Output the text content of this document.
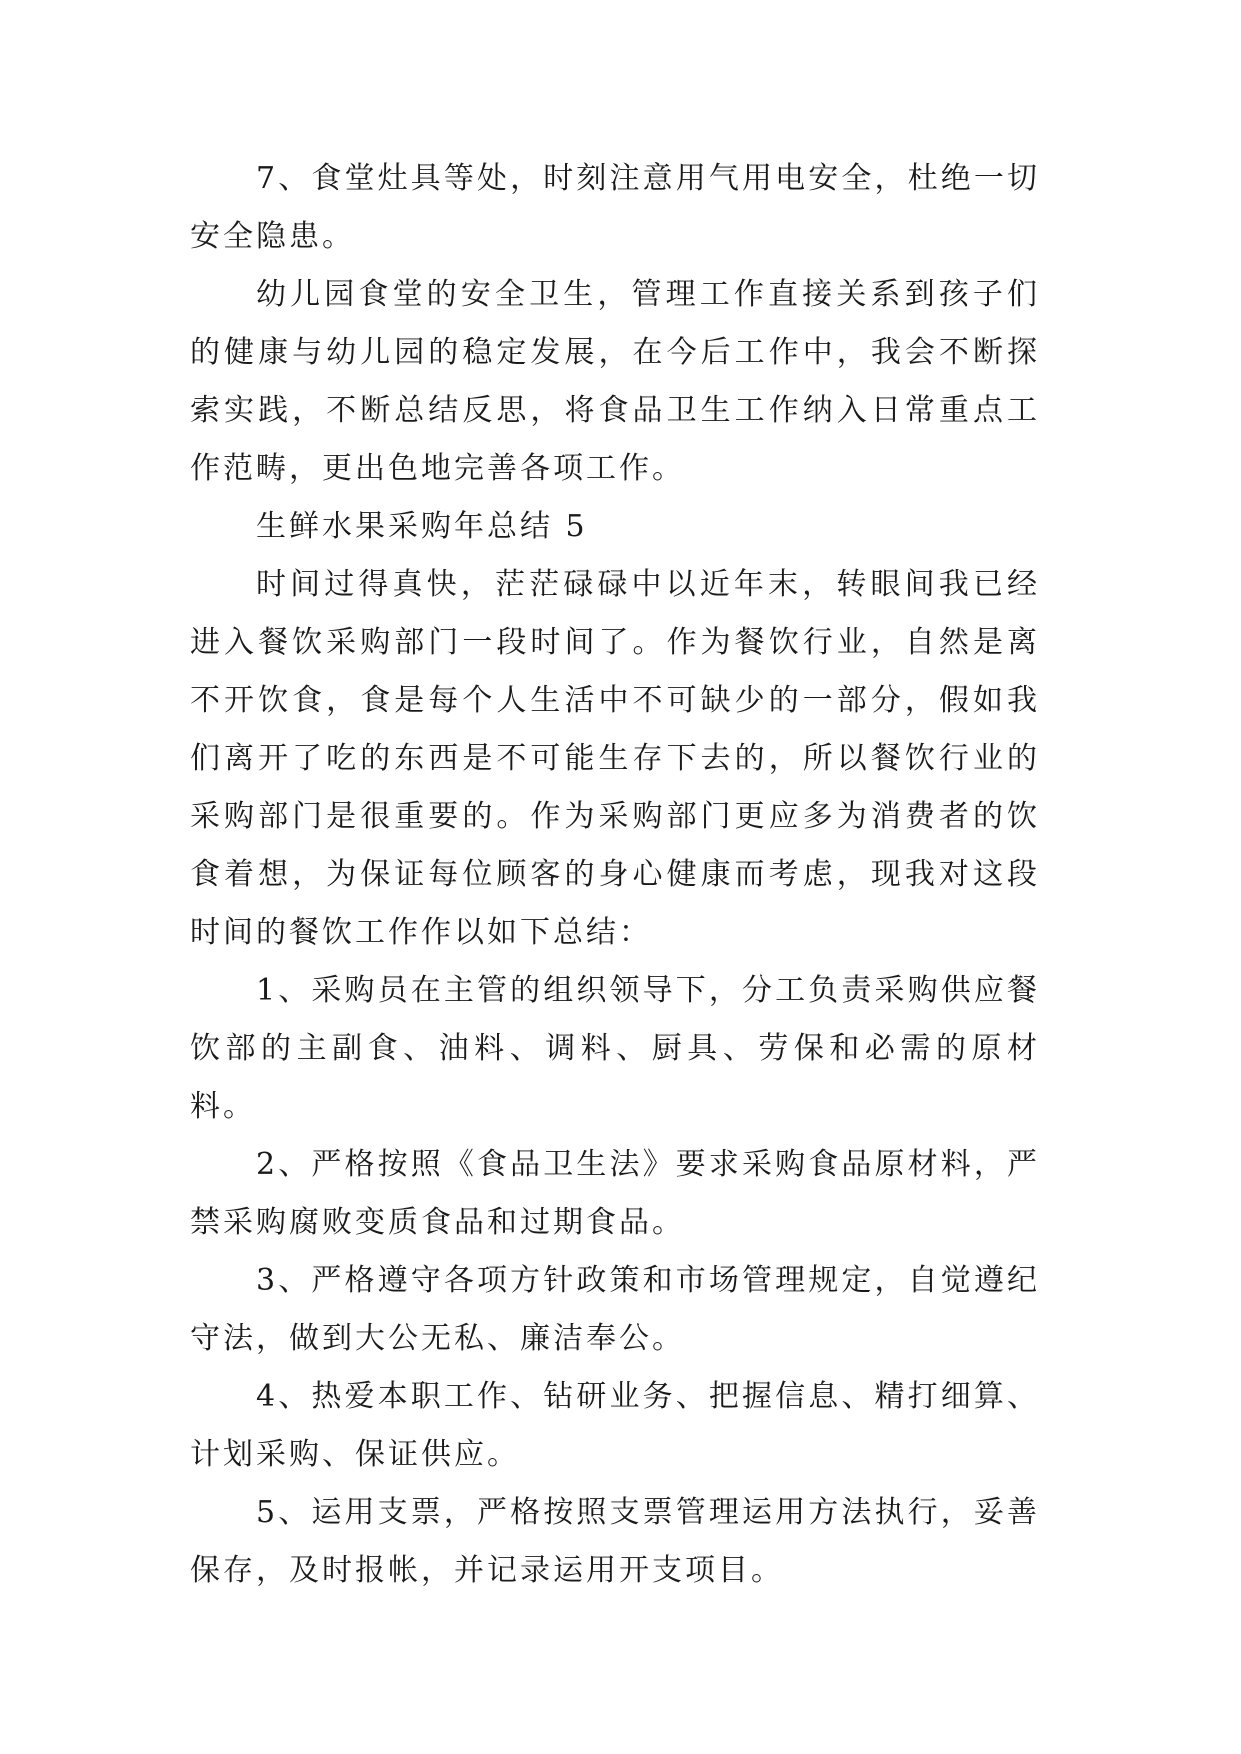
7、食堂灶具等处，时刻注意用气用电安全，杜绝一切安全隐患。

幼儿园食堂的安全卫生，管理工作直接关系到孩子们的健康与幼儿园的稳定发展，在今后工作中，我会不断探索实践，不断总结反思，将食品卫生工作纳入日常重点工作范畴，更出色地完善各项工作。

生鲜水果采购年总结 5

时间过得真快，茫茫碌碌中以近年末，转眼间我已经进入餐饮采购部门一段时间了。作为餐饮行业，自然是离不开饮食，食是每个人生活中不可缺少的一部分，假如我们离开了吃的东西是不可能生存下去的，所以餐饮行业的采购部门是很重要的。作为采购部门更应多为消费者的饮食着想，为保证每位顾客的身心健康而考虑，现我对这段时间的餐饮工作作以如下总结：

1、采购员在主管的组织领导下，分工负责采购供应餐饮部的主副食、油料、调料、厨具、劳保和必需的原材料。

2、严格按照《食品卫生法》要求采购食品原材料，严禁采购腐败变质食品和过期食品。

3、严格遵守各项方针政策和市场管理规定，自觉遵纪守法，做到大公无私、廉洁奉公。

4、热爱本职工作、钻研业务、把握信息、精打细算、计划采购、保证供应。

5、运用支票，严格按照支票管理运用方法执行，妥善保存，及时报帐，并记录运用开支项目。
